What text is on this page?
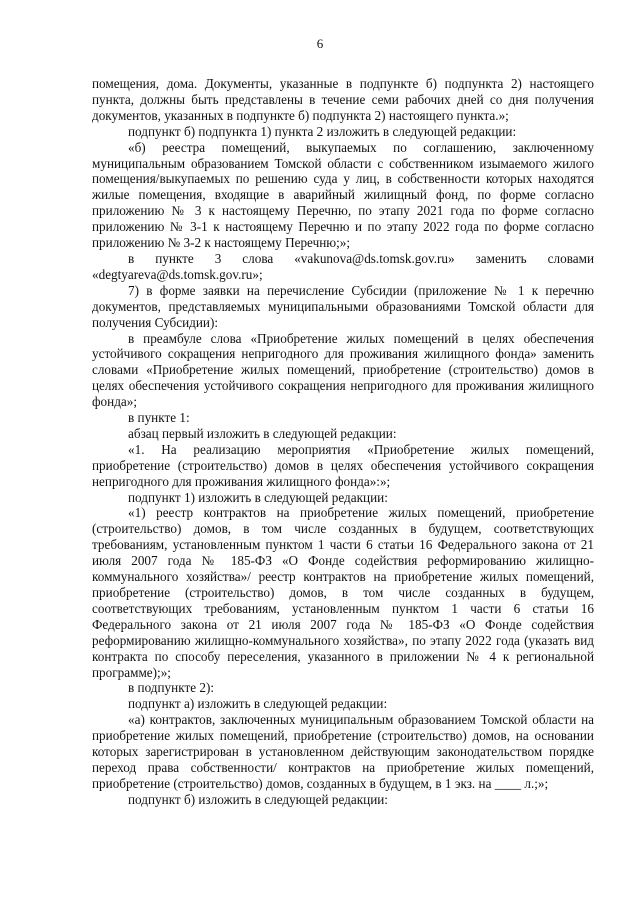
6

помещения, дома. Документы, указанные в подпункте б) подпункта 2) настоящего пункта, должны быть представлены в течение семи рабочих дней со дня получения документов, указанных в подпункте б) подпункта 2) настоящего пункта.»;

подпункт б) подпункта 1) пункта 2 изложить в следующей редакции:

«б) реестра помещений, выкупаемых по соглашению, заключенному муниципальным образованием Томской области с собственником изымаемого жилого помещения/выкупаемых по решению суда у лиц, в собственности которых находятся жилые помещения, входящие в аварийный жилищный фонд, по форме согласно приложению № 3 к настоящему Перечню, по этапу 2021 года по форме согласно приложению № 3-1 к настоящему Перечню и по этапу 2022 года по форме согласно приложению № 3-2 к настоящему Перечню;»;

в пункте 3 слова «vakunova@ds.tomsk.gov.ru» заменить словами «degtyareva@ds.tomsk.gov.ru»;

7) в форме заявки на перечисление Субсидии (приложение № 1 к перечню документов, представляемых муниципальными образованиями Томской области для получения Субсидии):

в преамбуле слова «Приобретение жилых помещений в целях обеспечения устойчивого сокращения непригодного для проживания жилищного фонда» заменить словами «Приобретение жилых помещений, приобретение (строительство) домов в целях обеспечения устойчивого сокращения непригодного для проживания жилищного фонда»;

в пункте 1:

абзац первый изложить в следующей редакции:

«1. На реализацию мероприятия «Приобретение жилых помещений, приобретение (строительство) домов в целях обеспечения устойчивого сокращения непригодного для проживания жилищного фонда»:»;

подпункт 1) изложить в следующей редакции:

«1) реестр контрактов на приобретение жилых помещений, приобретение (строительство) домов, в том числе созданных в будущем, соответствующих требованиям, установленным пунктом 1 части 6 статьи 16 Федерального закона от 21 июля 2007 года № 185-ФЗ «О Фонде содействия реформированию жилищно-коммунального хозяйства»/ реестр контрактов на приобретение жилых помещений, приобретение (строительство) домов, в том числе созданных в будущем, соответствующих требованиям, установленным пунктом 1 части 6 статьи 16 Федерального закона от 21 июля 2007 года № 185-ФЗ «О Фонде содействия реформированию жилищно-коммунального хозяйства», по этапу 2022 года (указать вид контракта по способу переселения, указанного в приложении № 4 к региональной программе);»;

в подпункте 2):

подпункт а) изложить в следующей редакции:

«а) контрактов, заключенных муниципальным образованием Томской области на приобретение жилых помещений, приобретение (строительство) домов, на основании которых зарегистрирован в установленном действующим законодательством порядке переход права собственности/ контрактов на приобретение жилых помещений, приобретение (строительство) домов, созданных в будущем, в 1 экз. на ____ л.;»;

подпункт б) изложить в следующей редакции:
